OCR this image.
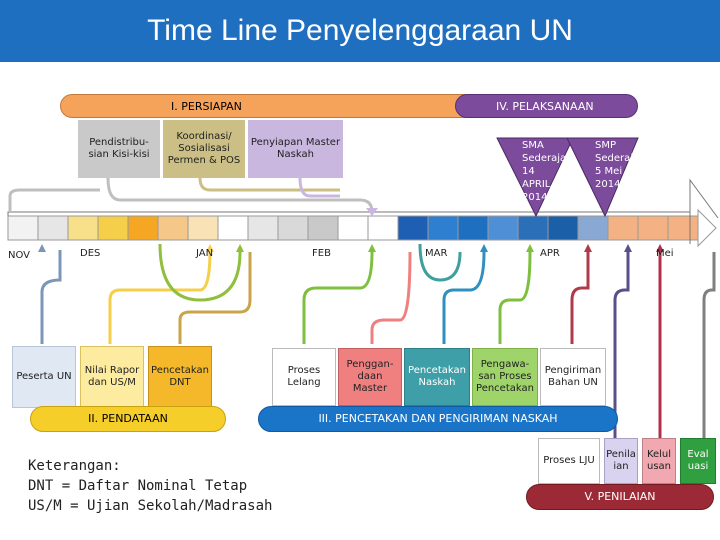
Time Line Penyelenggaraan UN
I. PERSIAPAN	IV. PELAKSANAAN
Pendistribu-sian Kisi-kisi
Koordinasi/ Sosialisasi Permen & POS
Penyiapan Master Naskah
SMA Sederajat 14 APRIL 2014
SMP Sederajat 5 Mei 2014
NOV	DES	JAN	FEB	MAR	APR	Mei
Peserta UN
Nilai Rapor dan US/M
Pencetakan DNT
II. PENDATAAN
Proses Lelang
Penggan-daan Master
Pencetakan Naskah
Pengawa-san Proses Pencetakan
Pengiriman Bahan UN
III. PENCETAKAN DAN PENGIRIMAN NASKAH
Proses LJU
Penila ian
Kelul usan
Eval uasi
V. PENILAIAN
Keterangan:
DNT = Daftar Nominal Tetap
US/M = Ujian Sekolah/Madrasah
